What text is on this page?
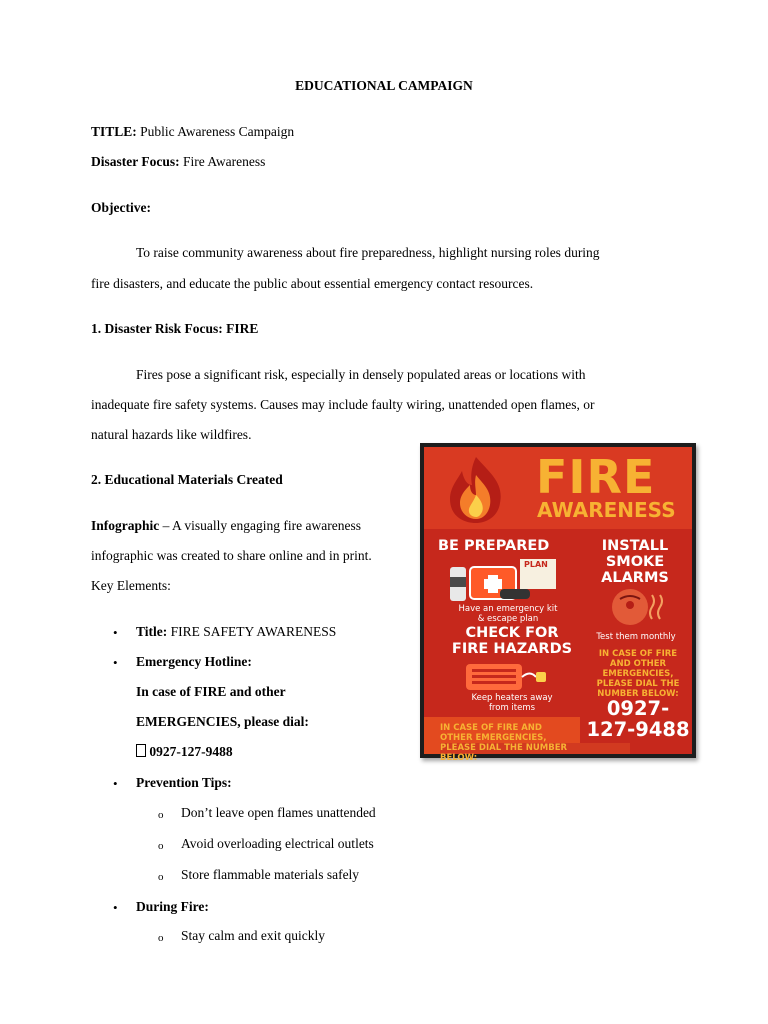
EDUCATIONAL CAMPAIGN
TITLE: Public Awareness Campaign
Disaster Focus: Fire Awareness
Objective:
To raise community awareness about fire preparedness, highlight nursing roles during
fire disasters, and educate the public about essential emergency contact resources.
1. Disaster Risk Focus: FIRE
Fires pose a significant risk, especially in densely populated areas or locations with
inadequate fire safety systems. Causes may include faulty wiring, unattended open flames, or
natural hazards like wildfires.
2. Educational Materials Created
Infographic – A visually engaging fire awareness
infographic was created to share online and in print.
Key Elements:
• Title: FIRE SAFETY AWARENESS
• Emergency Hotline:
In case of FIRE and other
EMERGENCIES, please dial:
0927-127-9488
• Prevention Tips:
o Don’t leave open flames unattended
o Avoid overloading electrical outlets
o Store flammable materials safely
• During Fire:
o Stay calm and exit quickly
FIRE
AWARENESS
BE PREPARED
PLAN
Have an emergency kit
& escape plan
INSTALL
SMOKE
ALARMS
Test them monthly
CHECK FOR
FIRE HAZARDS
Keep heaters away
from items
IN CASE OF FIRE
AND OTHER
EMERGENCIES,
PLEASE DIAL THE
NUMBER BELOW:
0927-
127-9488
IN CASE OF FIRE AND
OTHER EMERGENCIES,
PLEASE DIAL THE NUMBER BELOW:
